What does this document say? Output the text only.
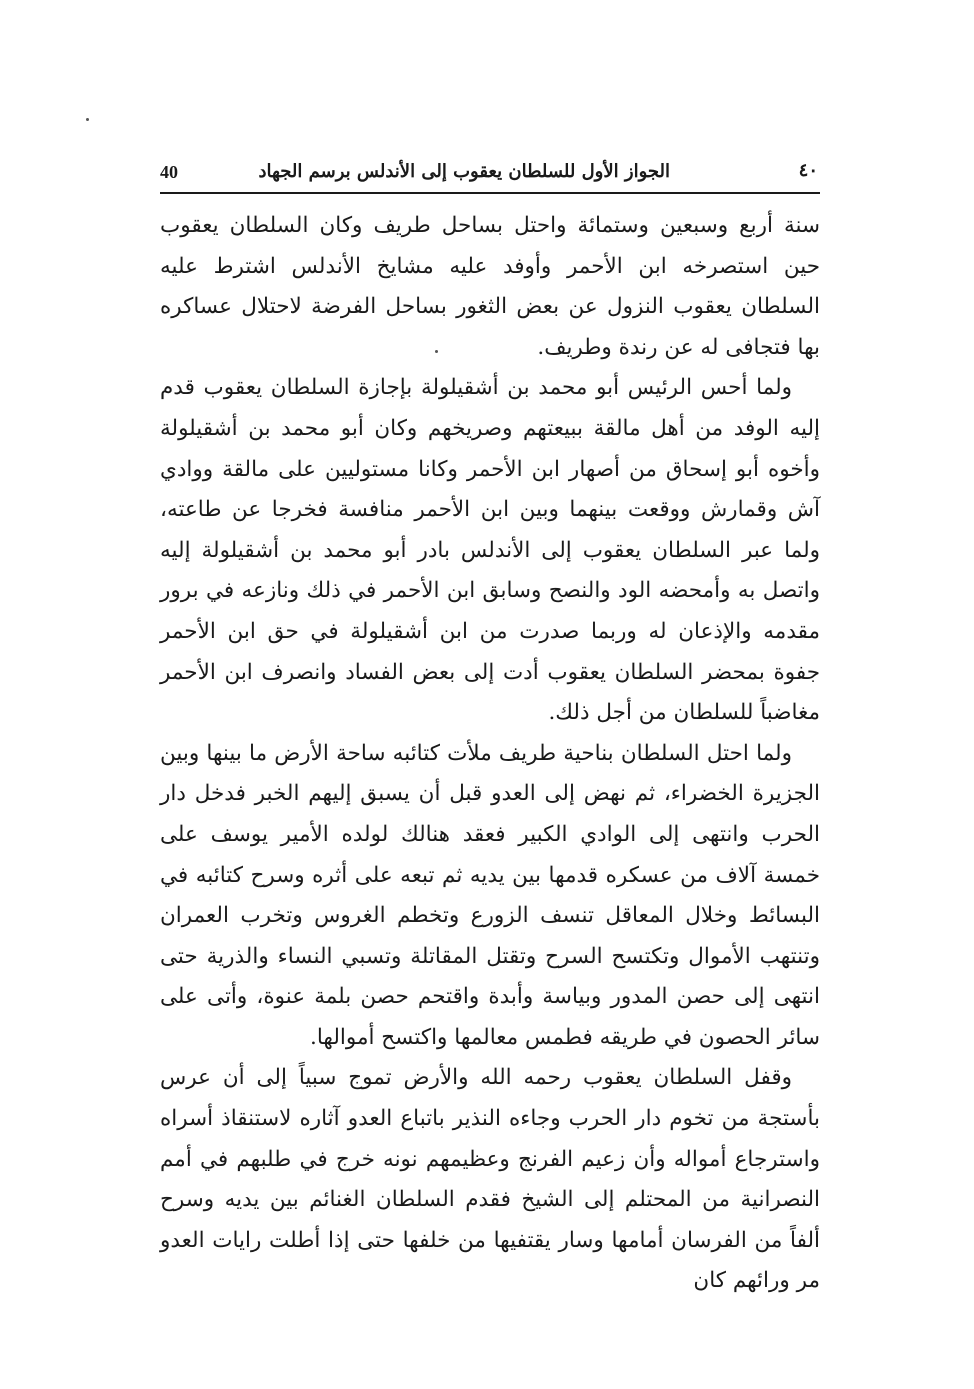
40	الجواز الأول للسلطان يعقوب إلى الأندلس برسم الجهاد	٤٠

سنة أربع وسبعين وستمائة واحتل بساحل طريف وكان السلطان يعقوب حين استصرخه ابن الأحمر وأوفد عليه مشايخ الأندلس اشترط عليه السلطان يعقوب النزول عن بعض الثغور بساحل الفرضة لاحتلال عساكره بها فتجافى له عن رندة وطريف.

ولما أحس الرئيس أبو محمد بن أشقيلولة بإجازة السلطان يعقوب قدم إليه الوفد من أهل مالقة ببيعتهم وصريخهم وكان أبو محمد بن أشقيلولة وأخوه أبو إسحاق من أصهار ابن الأحمر وكانا مستوليين على مالقة ووادي آش وقمارش ووقعت بينهما وبين ابن الأحمر منافسة فخرجا عن طاعته، ولما عبر السلطان يعقوب إلى الأندلس بادر أبو محمد بن أشقيلولة إليه واتصل به وأمحضه الود والنصح وسابق ابن الأحمر في ذلك ونازعه في برور مقدمه والإذعان له وربما صدرت من ابن أشقيلولة في حق ابن الأحمر جفوة بمحضر السلطان يعقوب أدت إلى بعض الفساد وانصرف ابن الأحمر مغاضباً للسلطان من أجل ذلك.

ولما احتل السلطان بناحية طريف ملأت كتائبه ساحة الأرض ما بينها وبين الجزيرة الخضراء، ثم نهض إلى العدو قبل أن يسبق إليهم الخبر فدخل دار الحرب وانتهى إلى الوادي الكبير فعقد هنالك لولده الأمير يوسف على خمسة آلاف من عسكره قدمها بين يديه ثم تبعه على أثره وسرح كتائبه في البسائط وخلال المعاقل تنسف الزورع وتخطم الغروس وتخرب العمران وتنتهب الأموال وتكتسح السرح وتقتل المقاتلة وتسبي النساء والذرية حتى انتهى إلى حصن المدور وبياسة وأبدة واقتحم حصن بلمة عنوة، وأتى على سائر الحصون في طريقه فطمس معالمها واكتسح أموالها.

وقفل السلطان يعقوب رحمه الله والأرض تموج سبياً إلى أن عرس بأستجة من تخوم دار الحرب وجاءه النذير باتباع العدو آثاره لاستنقاذ أسراه واسترجاع أمواله وأن زعيم الفرنج وعظيمهم نونه خرج في طلبهم في أمم النصرانية من المحتلم إلى الشيخ فقدم السلطان الغنائم بين يديه وسرح ألفاً من الفرسان أمامها وسار يقتفيها من خلفها حتى إذا أطلت رايات العدو مر ورائهم كان
